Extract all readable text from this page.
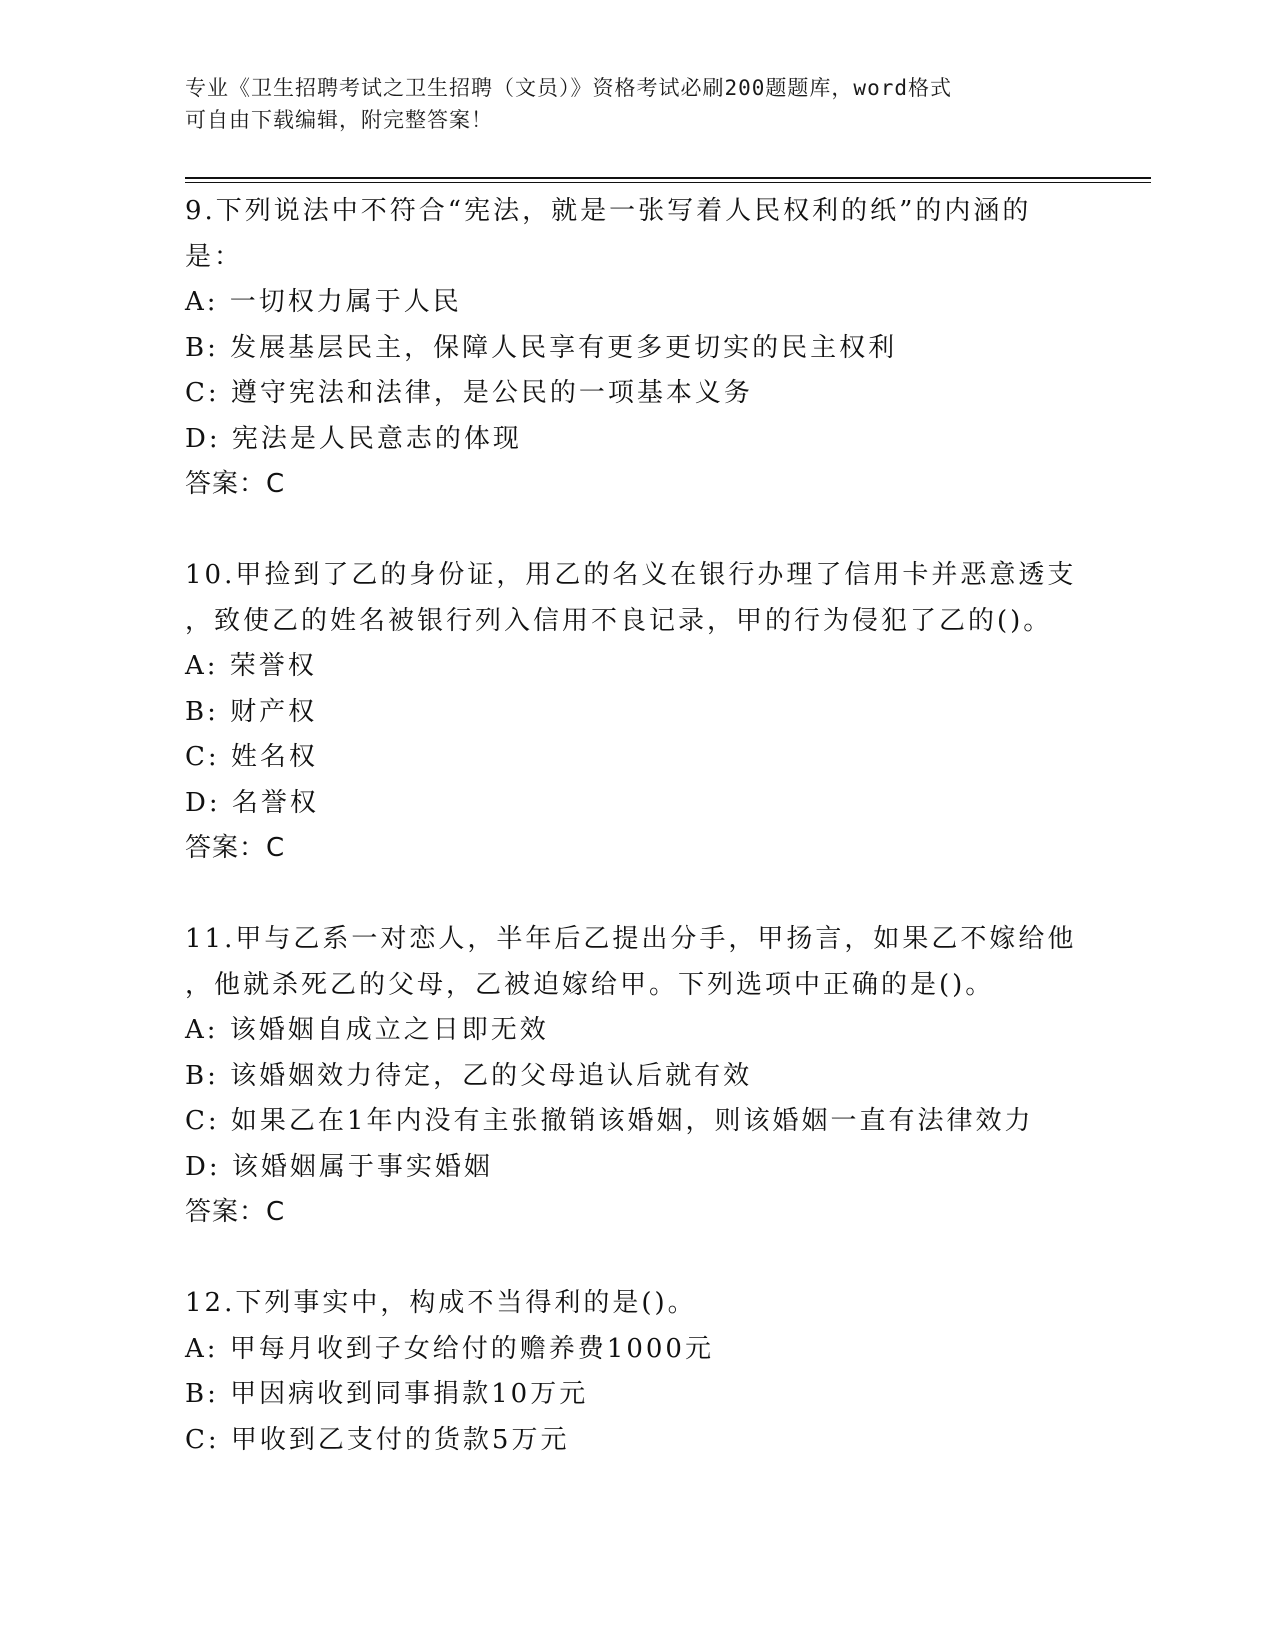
专业《卫生招聘考试之卫生招聘（文员）》资格考试必刷200题题库，word格式
可自由下载编辑，附完整答案！
9.下列说法中不符合“宪法，就是一张写着人民权利的纸”的内涵的
是：
A: 一切权力属于人民
B: 发展基层民主，保障人民享有更多更切实的民主权利
C: 遵守宪法和法律，是公民的一项基本义务
D: 宪法是人民意志的体现
答案：C
10.甲捡到了乙的身份证，用乙的名义在银行办理了信用卡并恶意透支
，致使乙的姓名被银行列入信用不良记录，甲的行为侵犯了乙的()。
A: 荣誉权
B: 财产权
C: 姓名权
D: 名誉权
答案：C
11.甲与乙系一对恋人，半年后乙提出分手，甲扬言，如果乙不嫁给他
，他就杀死乙的父母，乙被迫嫁给甲。下列选项中正确的是()。
A: 该婚姻自成立之日即无效
B: 该婚姻效力待定，乙的父母追认后就有效
C: 如果乙在1年内没有主张撤销该婚姻，则该婚姻一直有法律效力
D: 该婚姻属于事实婚姻
答案：C
12.下列事实中，构成不当得利的是()。
A: 甲每月收到子女给付的赡养费1000元
B: 甲因病收到同事捐款10万元
C: 甲收到乙支付的货款5万元
